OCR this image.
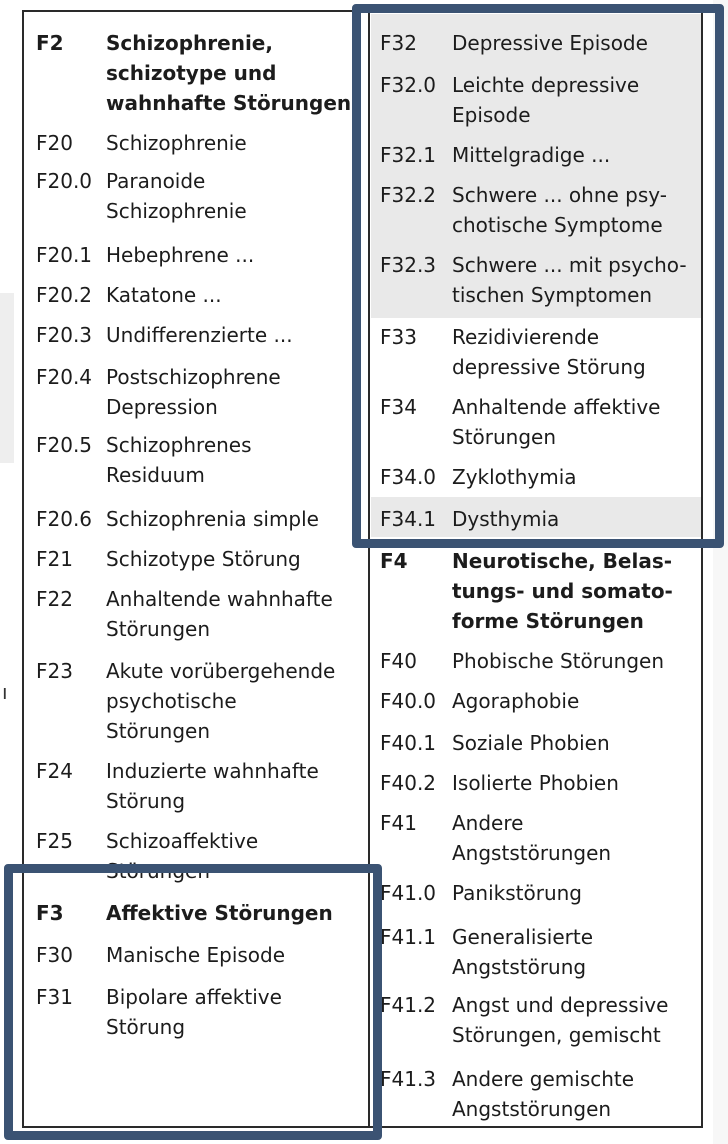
ı
F2	Schizophrenie,
schizotype und
wahnhafte Störungen
F20	Schizophrenie
F20.0 Paranoide
Schizophrenie
F20.1 Hebephrene ...
F20.2 Katatone ...
F20.3 Undifferenzierte ...
F20.4 Postschizophrene
Depression
F20.5 Schizophrenes
Residuum
F20.6 Schizophrenia simple
F21	Schizotype Störung
F22	Anhaltende wahnhafte
Störungen
F23	Akute vorübergehende
psychotische
Störungen
F24	Induzierte wahnhafte
Störung
F25	Schizoaffektive
Störungen
F3	Affektive Störungen
F30	Manische Episode
F31	Bipolare affektive
Störung
F32	Depressive Episode
F32.0 Leichte depressive
Episode
F32.1 Mittelgradige ...
F32.2 Schwere ... ohne psy-
chotische Symptome
F32.3 Schwere ... mit psycho-
tischen Symptomen
F33	Rezidivierende
depressive Störung
F34	Anhaltende affektive
Störungen
F34.0 Zyklothymia
F34.1 Dysthymia
F4	Neurotische, Belas-
tungs- und somato-
forme Störungen
F40	Phobische Störungen
F40.0 Agoraphobie
F40.1 Soziale Phobien
F40.2 Isolierte Phobien
F41	Andere
Angststörungen
F41.0 Panikstörung
F41.1 Generalisierte
Angststörung
F41.2 Angst und depressive
Störungen, gemischt
F41.3 Andere gemischte
Angststörungen
